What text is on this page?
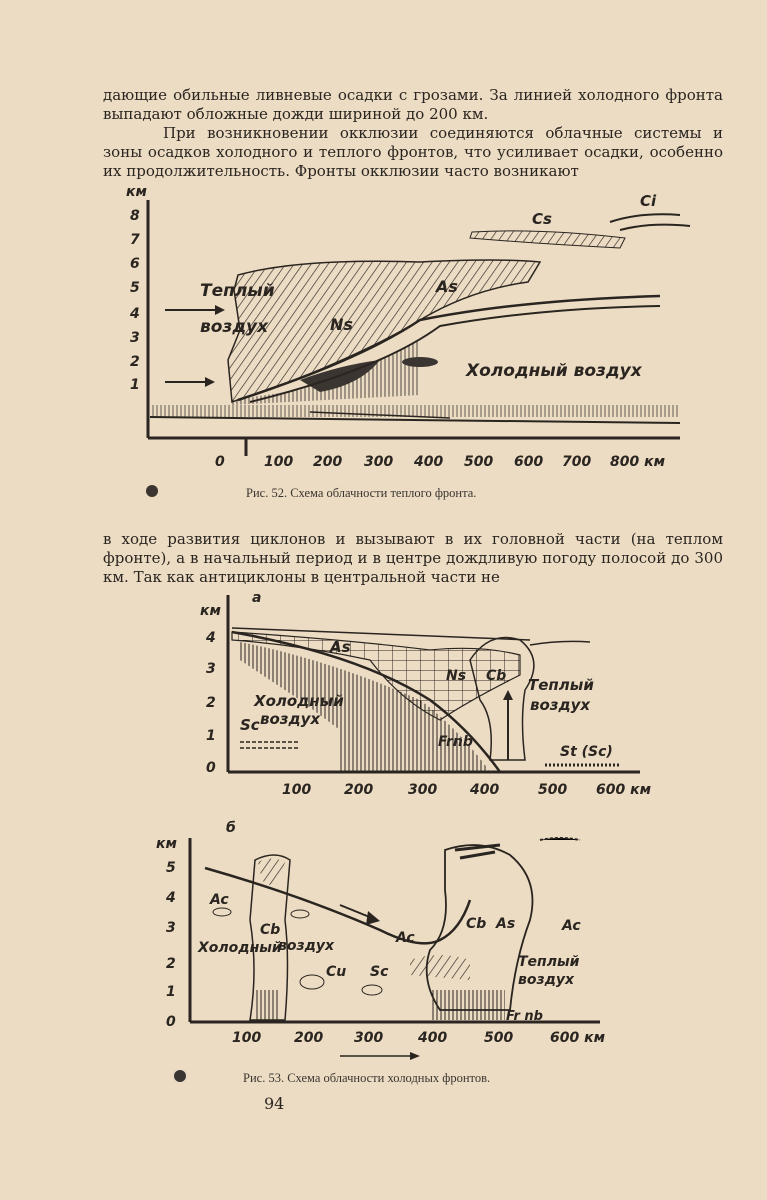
дающие обильные ливневые осадки с грозами. За линией холодного фронта выпадают обложные дожди шириной до 200 км.

При возникновении окклюзии соединяются облачные системы и зоны осадков холодного и теплого фронтов, что усиливает осадки, особенно их продолжительность. Фронты окклюзии часто возникают

км
1
2
3
4
5
6
7
8
0	100 200 300 400 500 600 700 800 км
Теплый
воздух
Холодный воздух
As
Ns
Cs
Ci
Рис. 52. Схема облачности теплого фронта.

в ходе развития циклонов и вызывают в их головной части (на теплом фронте), а в начальный период и в центре дождливую погоду полосой до 300 км. Так как антициклоны в центральной части не

а
км
0
1
2
3
4
100 200 300 400	500 600 км
Холодный
воздух
Теплый
воздух
As
Ns Cb
Sc
Frnb
St (Sc)
б
км
0
1
2
3
4
5
100 200 300 400	500	600 км
Ac
Cb
Холодный
воздух
Cu Sc
Ac
Cb As	Ac
Теплый
воздух
Fr nb
Рис. 53. Схема облачности холодных фронтов.
94
